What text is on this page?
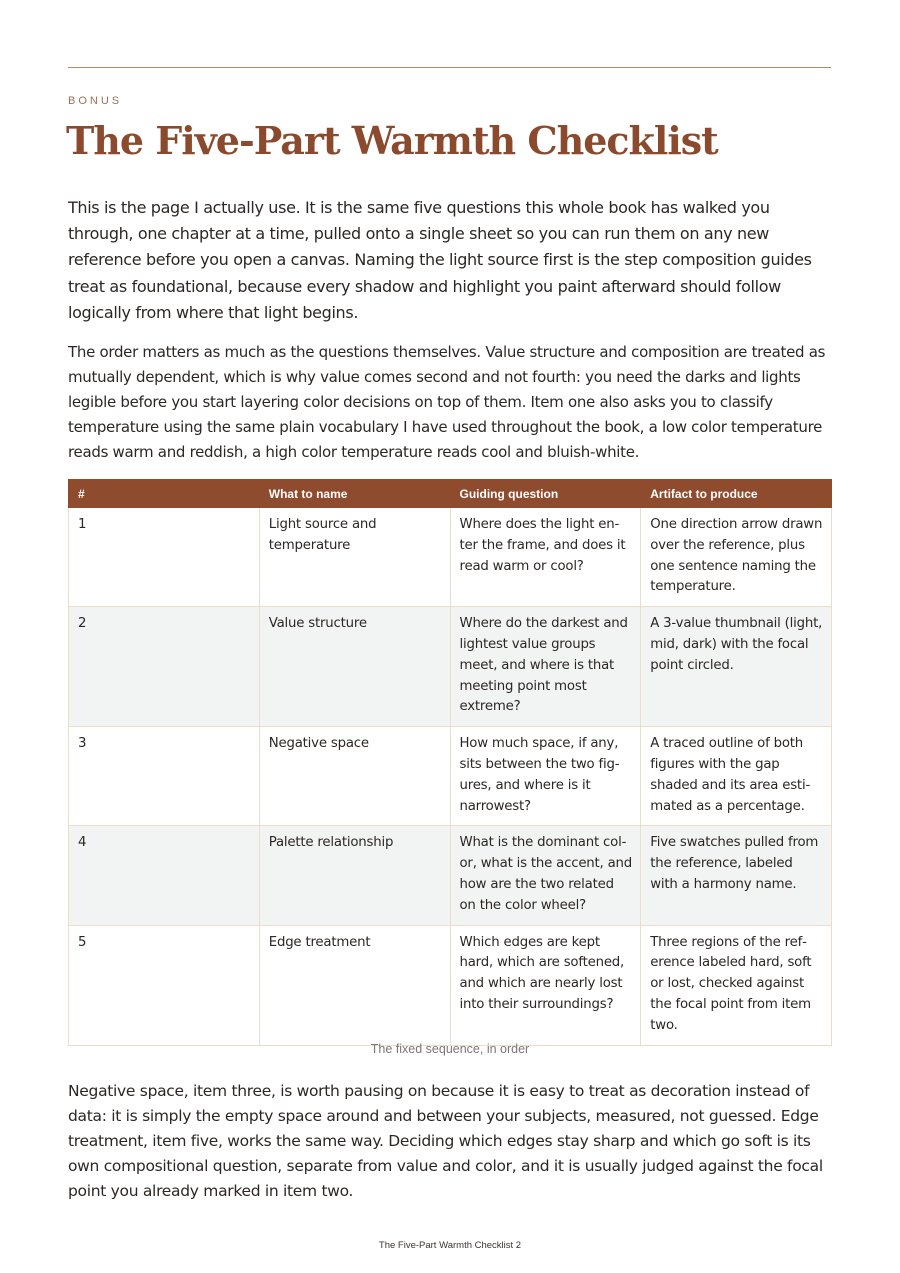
BONUS
The Five-Part Warmth Checklist

This is the page I actually use. It is the same five questions this whole book has walked you through, one chapter at a time, pulled onto a single sheet so you can run them on any new reference before you open a canvas. Naming the light source first is the step composition guides treat as foundational, because every shadow and highlight you paint afterward should follow logically from where that light begins.

The order matters as much as the questions themselves. Value structure and composition are treated as mutually dependent, which is why value comes second and not fourth: you need the darks and lights legible before you start layering color decisions on top of them. Item one also asks you to classify temperature using the same plain vocabulary I have used throughout the book, a low color temperature reads warm and reddish, a high color temperature reads cool and bluish-white.

#	What to name	Guiding question	Artifact to produce
1	Light source and temperature	Where does the light enter the frame, and does it read warm or cool?	One direction arrow drawn over the reference, plus one sentence naming the temperature.
2	Value structure	Where do the darkest and lightest value groups meet, and where is that meeting point most extreme?	A 3-value thumbnail (light, mid, dark) with the focal point circled.
3	Negative space	How much space, if any, sits between the two figures, and where is it narrowest?	A traced outline of both figures with the gap shaded and its area estimated as a percentage.
4	Palette relationship	What is the dominant color, what is the accent, and how are the two related on the color wheel?	Five swatches pulled from the reference, labeled with a harmony name.
5	Edge treatment	Which edges are kept hard, which are softened, and which are nearly lost into their surroundings?	Three regions of the reference labeled hard, soft or lost, checked against the focal point from item two.
The fixed sequence, in order

Negative space, item three, is worth pausing on because it is easy to treat as decoration instead of data: it is simply the empty space around and between your subjects, measured, not guessed. Edge treatment, item five, works the same way. Deciding which edges stay sharp and which go soft is its own compositional question, separate from value and color, and it is usually judged against the focal point you already marked in item two.

The Five-Part Warmth Checklist 2
